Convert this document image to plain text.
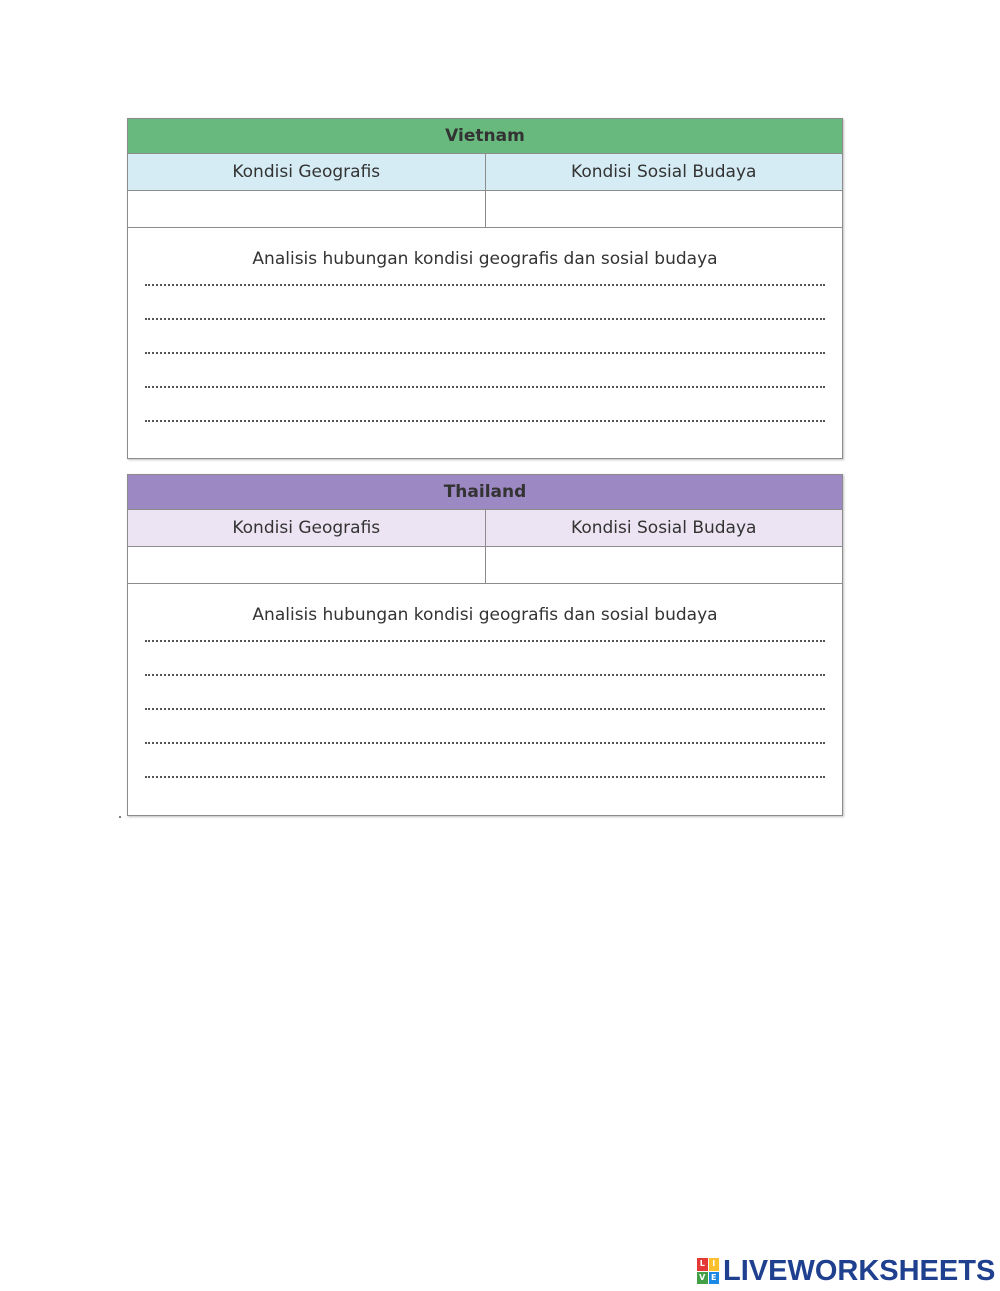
Vietnam
Kondisi Geografis	Kondisi Sosial Budaya
Analisis hubungan kondisi geografis dan sosial budaya
Thailand
Kondisi Geografis	Kondisi Sosial Budaya
Analisis hubungan kondisi geografis dan sosial budaya
L I
V E LIVEWORKSHEETS
